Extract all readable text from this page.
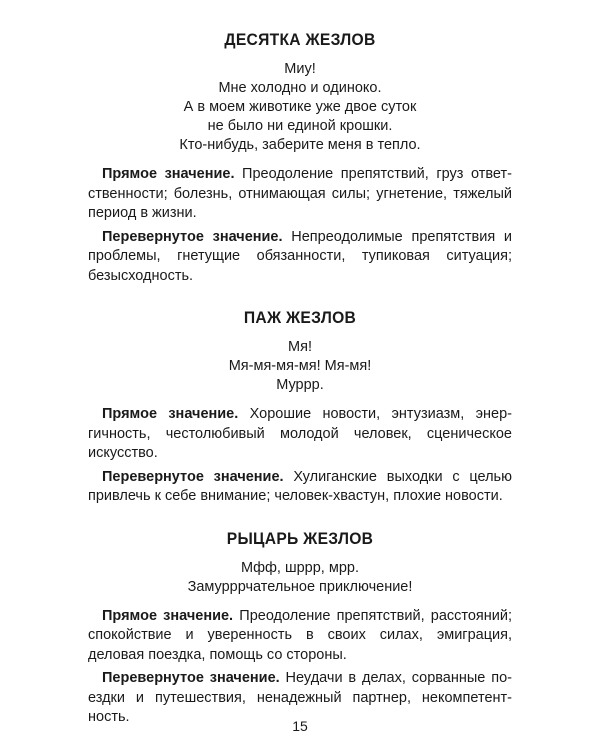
ДЕСЯТКА ЖЕЗЛОВ
Миу!
Мне холодно и одиноко.
А в моем животике уже двое суток
не было ни единой крошки.
Кто-нибудь, заберите меня в тепло.

Прямое значение. Преодоление препятствий, груз ответственности; болезнь, отнимающая силы; угнетение, тяжелый период в жизни.

Перевернутое значение. Непреодолимые препятствия и проблемы, гнетущие обязанности, тупиковая ситуация; безысходность.

ПАЖ ЖЕЗЛОВ
Мя!
Мя-мя-мя-мя! Мя-мя!
Муррр.

Прямое значение. Хорошие новости, энтузиазм, энергичность, честолюбивый молодой человек, сценическое искусство.

Перевернутое значение. Хулиганские выходки с целью привлечь к себе внимание; человек-хвастун, плохие новости.

РЫЦАРЬ ЖЕЗЛОВ
Мфф, шррр, мрр.
Замурррчательное приключение!

Прямое значение. Преодоление препятствий, расстояний; спокойствие и уверенность в своих силах, эмиграция, деловая поездка, помощь со стороны.

Перевернутое значение. Неудачи в делах, сорванные поездки и путешествия, ненадежный партнер, некомпетентность.

15
